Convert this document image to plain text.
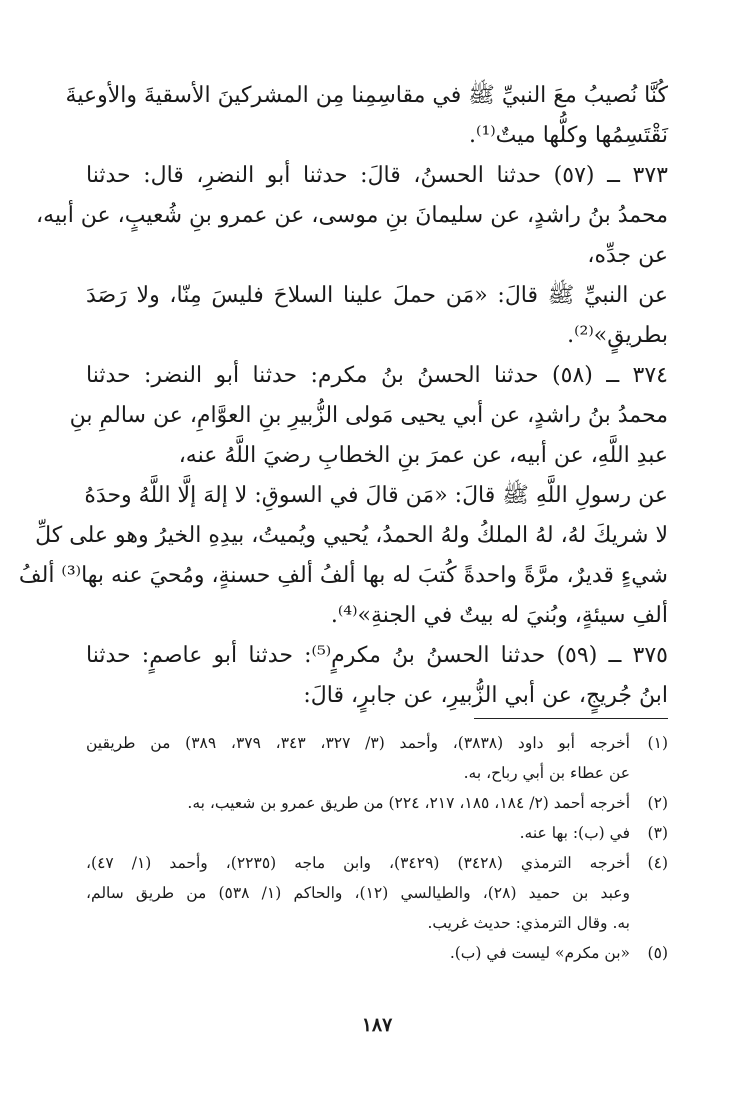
كُنَّا نُصيبُ معَ النبيِّ ﷺ في مقاسِمِنا مِن المشركينَ الأسقيةَ والأوعيةَ
نَقْتَسِمُها وكلُّها ميتٌ⁽¹⁾.
٣٧٣ ــ (٥٧) حدثنا الحسنُ، قالَ: حدثنا أبو النضرِ، قال: حدثنا
محمدُ بنُ راشدٍ، عن سليمانَ بنِ موسى، عن عمرو بنِ شُعيبٍ، عن أبيه،
عن جدِّه،
عن النبيِّ ﷺ قالَ: «مَن حملَ علينا السلاحَ فليسَ مِنّا، ولا رَصَدَ
بطريقٍ»⁽²⁾.
٣٧٤ ــ (٥٨) حدثنا الحسنُ بنُ مكرم: حدثنا أبو النضر: حدثنا
محمدُ بنُ راشدٍ، عن أبي يحيى مَولى الزُّبيرِ بنِ العوَّامِ، عن سالمِ بنِ
عبدِ اللَّهِ، عن أبيه، عن عمرَ بنِ الخطابِ رضيَ اللَّهُ عنه،
عن رسولِ اللَّهِ ﷺ قالَ: «مَن قالَ في السوقِ: لا إلهَ إلَّا اللَّهُ وحدَهُ
لا شريكَ لهُ، لهُ الملكُ ولهُ الحمدُ، يُحيي ويُميتُ، بيدِهِ الخيرُ وهو على كلِّ
شيءٍ قديرٌ، مرَّةً واحدةً كُتبَ له بها ألفُ ألفِ حسنةٍ، ومُحيَ عنه بها⁽³⁾ ألفُ
ألفِ سيئةٍ، وبُنيَ له بيتٌ في الجنةِ»⁽⁴⁾.
٣٧٥ ــ (٥٩) حدثنا الحسنُ بنُ مكرمٍ⁽⁵⁾: حدثنا أبو عاصمٍ: حدثنا
ابنُ جُريجٍ، عن أبي الزُّبيرِ، عن جابرٍ، قالَ:
(١)
أخرجه أبو داود (٣٨٣٨)، وأحمد (٣/ ٣٢٧، ٣٤٣، ٣٧٩، ٣٨٩) من طريقين
عن عطاء بن أبي رباح، به.
(٢)
أخرجه أحمد (٢/ ١٨٤، ١٨٥، ٢١٧، ٢٢٤) من طريق عمرو بن شعيب، به.
(٣)
في (ب): بها عنه.
(٤)
أخرجه الترمذي (٣٤٢٨) (٣٤٢٩)، وابن ماجه (٢٢٣٥)، وأحمد (١/ ٤٧)،
وعبد بن حميد (٢٨)، والطيالسي (١٢)، والحاكم (١/ ٥٣٨) من طريق سالم،
به. وقال الترمذي: حديث غريب.
(٥)
«بن مكرم» ليست في (ب).
١٨٧
